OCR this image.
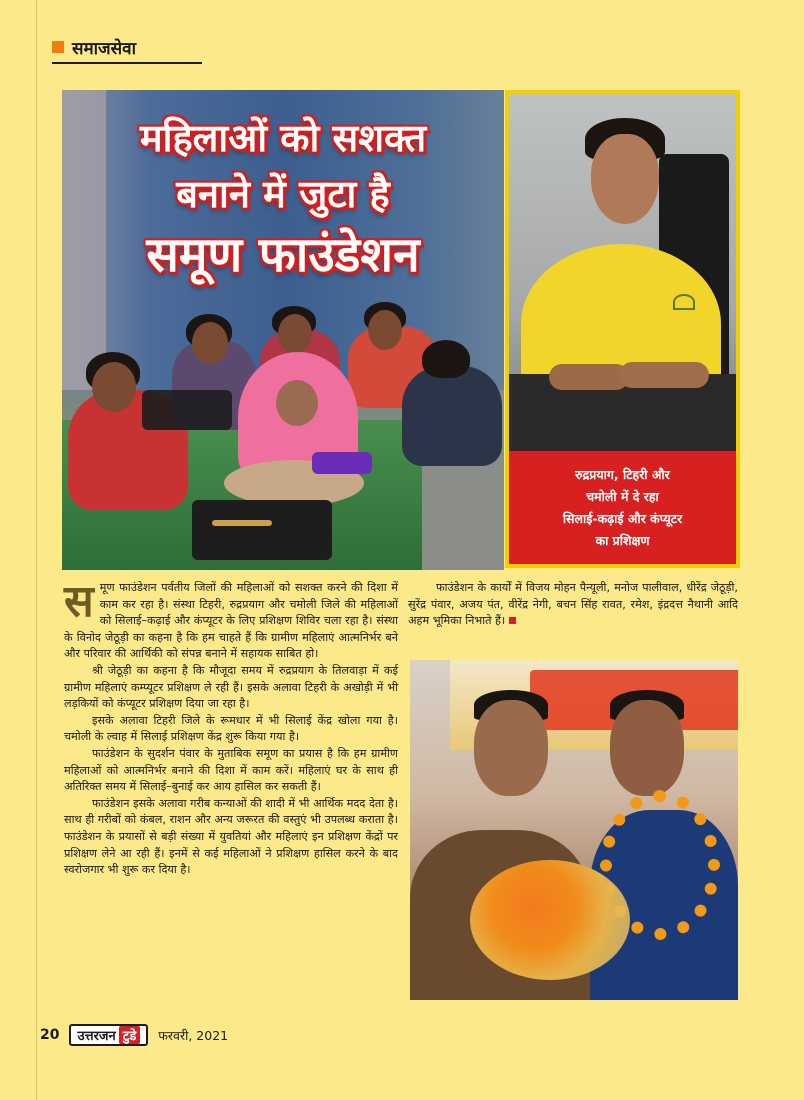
समाजसेवा
महिलाओं को सशक्त
बनाने में जुटा है
समूण फाउंडेशन
रुद्रप्रयाग, टिहरी और
चमोली में दे रहा
सिलाई-कढ़ाई और कंप्यूटर
का प्रशिक्षण
समूण फाउंडेशन पर्वतीय जिलों की महिलाओं को सशक्त करने की दिशा में काम कर रहा है। संस्था टिहरी, रुद्रप्रयाग और चमोली जिले की महिलाओं को सिलाई–कढ़ाई और कंप्यूटर के लिए प्रशिक्षण शिविर चला रहा है। संस्था के विनोद जेठूड़ी का कहना है कि हम चाहते हैं कि ग्रामीण महिलाएं आत्मनिर्भर बने और परिवार की आर्थिकी को संपन्न बनाने में सहायक साबित हो।
श्री जेठूड़ी का कहना है कि मौजूदा समय में रुद्रप्रयाग के तिलवाड़ा में कई ग्रामीण महिलाएं कम्प्यूटर प्रशिक्षण ले रही हैं। इसके अलावा टिहरी के अखोड़ी में भी लड़कियों को कंप्यूटर प्रशिक्षण दिया जा रहा है।
इसके अलावा टिहरी जिले के रूमधार में भी सिलाई केंद्र खोला गया है। चमोली के ल्वाह में सिलाई प्रशिक्षण केंद्र शुरू किया गया है।
फाउंडेशन के सुदर्शन पंवार के मुताबिक समूण का प्रयास है कि हम ग्रामीण महिलाओं को आत्मनिर्भर बनाने की दिशा में काम करें। महिलाएं घर के साथ ही अतिरिक्त समय में सिलाई–बुनाई कर आय हासिल कर सकती हैं।
फाउंडेशन इसके अलावा गरीब कन्याओं की शादी में भी आर्थिक मदद देता है। साथ ही गरीबों को कंबल, राशन और अन्य जरूरत की वस्तुएं भी उपलब्ध कराता है। फाउंडेशन के प्रयासों से बड़ी संख्या में युवतियां और महिलाएं इन प्रशिक्षण केंद्रों पर प्रशिक्षण लेने आ रही हैं। इनमें से कई महिलाओं ने प्रशिक्षण हासिल करने के बाद स्वरोजगार भी शुरू कर दिया है।
फाउंडेशन के कार्यों में विजय मोहन पैन्यूली, मनोज पालीवाल, धीरेंद्र जेठूड़ी, सुरेंद्र पंवार, अजय पंत, वीरेंद्र नेगी, बचन सिंह रावत, रमेश, इंद्रदत्त नैथानी आदि अहम भूमिका निभाते हैं।
20 उत्तरजन टुडे	फरवरी, 2021
